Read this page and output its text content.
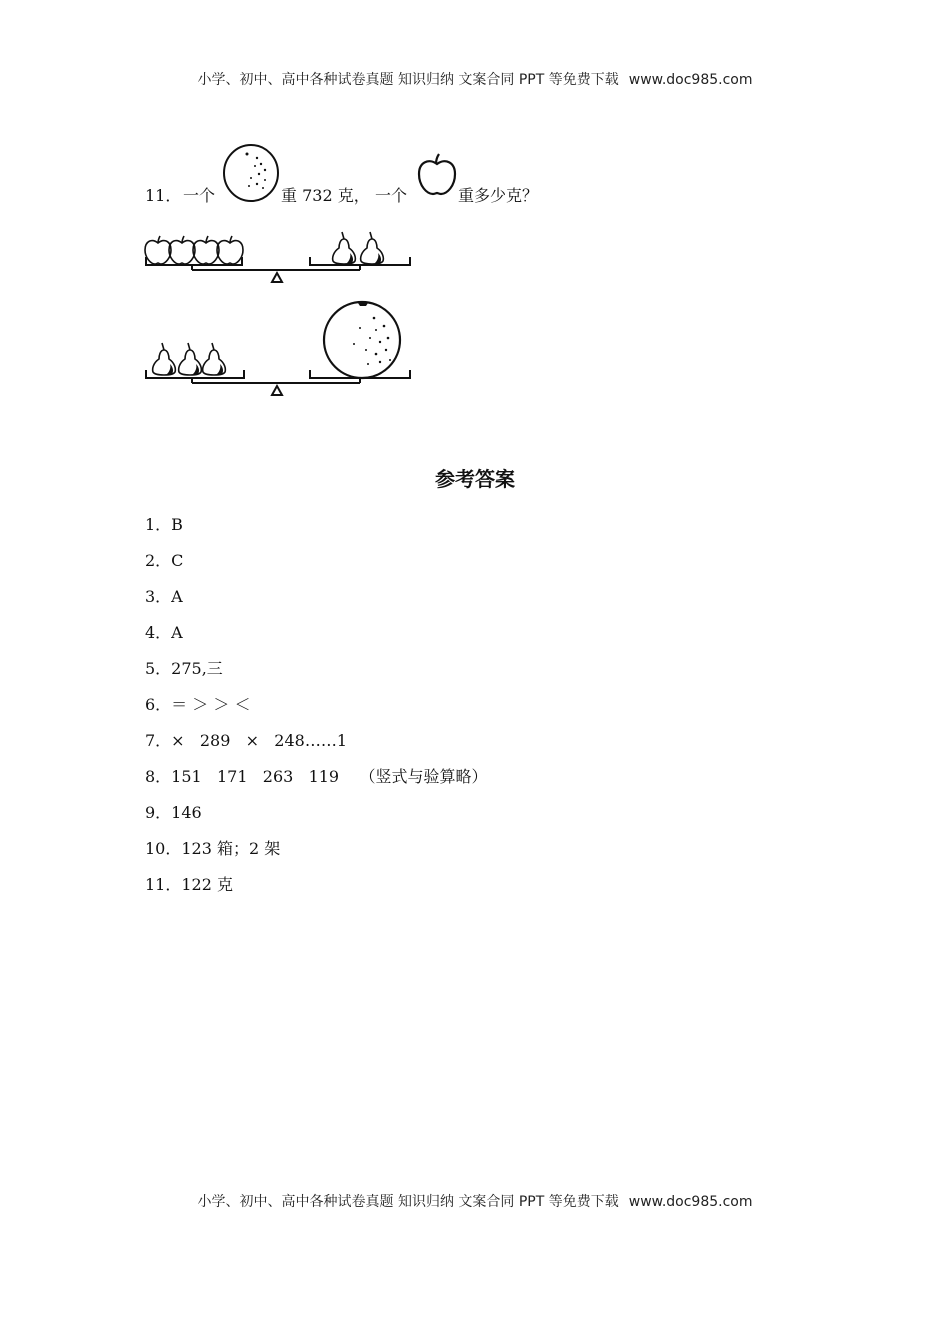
小学、初中、高中各种试卷真题 知识归纳 文案合同 PPT 等免费下载 www.doc985.com
11． 一个	重 732 克， 一个	重多少克？
参考答案
1．B
2．C
3．A
4．A
5．275,三
6．＝ ＞ ＞ ＜
7．×   289   ×   248……1
8．151   171   263   119    （竖式与验算略）
9．146
10．123 箱；2 架
11．122 克
小学、初中、高中各种试卷真题 知识归纳 文案合同 PPT 等免费下载 www.doc985.com
